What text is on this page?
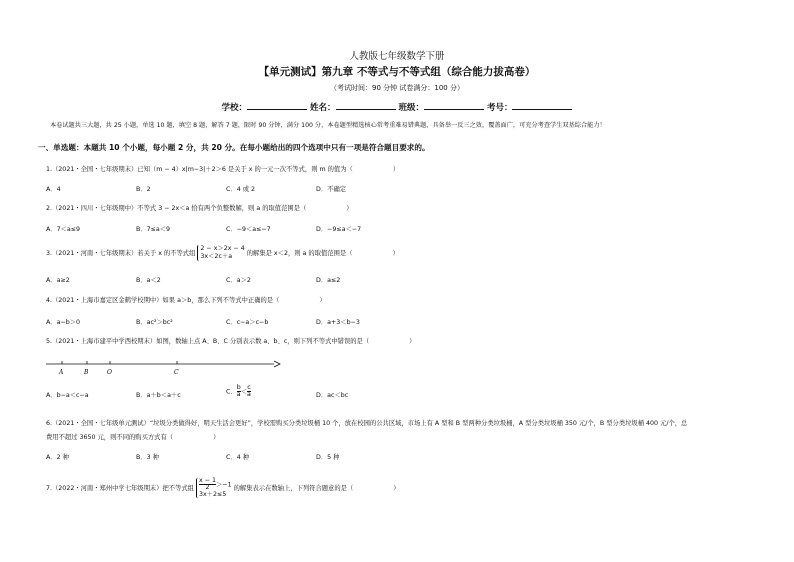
人教版七年级数学下册
【单元测试】第九章 不等式与不等式组（综合能力拔高卷）
（考试时间：90 分钟 试卷满分：100 分）
学校：	姓名：	班级：	考号：
本卷试题共三大题，共 25 小题，单选 10 题，填空 8 题，解答 7 题，限时 90 分钟，满分 100 分，本卷题型精选核心常考重难易错典题，具备举一反三之效，覆盖面广，可充分考查学生双基综合能力！
一、单选题：本题共 10 个小题，每小题 2 分，共 20 分。在每小题给出的四个选项中只有一项是符合题目要求的。
1.（2021・全国・七年级期末）已知（m − 4）x|m−3|＋2＞6 是关于 x 的一元一次不等式，则 m 的值为（	）
A．4	B．2	C．4 或 2	D．不确定
2.（2021・四川・七年级期中）不等式 3 − 2x＜a 恰有两个负整数解，则 a 的取值范围是（	）
A．7＜a≤9	B．7≤a＜9	C．−9＜a≤−7	D．−9≤a＜−7
3.（2021・河南・七年级期末）若关于 x 的不等式组
2 − x＞2x − 4
3x＜2c＋a	的解集是 x＜2，则 a 的取值范围是（	）
A．a≥2	B．a＜2	C．a＞2	D．a≤2
4.（2021・上海市嘉定区金鹤学校期中）如果 a＞b，那么下列不等式中正确的是（	）
A．a−b＞0	B．ac²＞bc²	C．c−a＞c−b	D．a+3＜b−3
5.（2021・上海市建平中学西校期末）如图，数轴上点 A、B、C 分别表示数 a、b、c，则下列不等式中错误的是（	）
A	B	O	C
A．b−a＜c−a	B．a＋b＜a＋c	C． $\frac{b}{a} < \frac{c}{a}$	D．ac＜bc
6.（2021・全国・七年级单元测试）“垃圾分类做得好，明天生活会更好”，学校需购买分类垃圾桶 10 个，放在校园的公共区域，市场上有 A 型和 B 型两种分类垃圾桶，A 型分类垃圾桶 350 元/个，B 型分类垃圾桶 400 元/个，总
费用不超过 3650 元，则不同的购买方式有（	）
A．2 种	B．3 种	C．4 种	D．5 种
7.（2022・河南・郑州中学七年级期末）把不等式组 $\frac{x - 1}{2} >-1$
3x＋2≤5
的解集表示在数轴上，下列符合题意的是（	）
